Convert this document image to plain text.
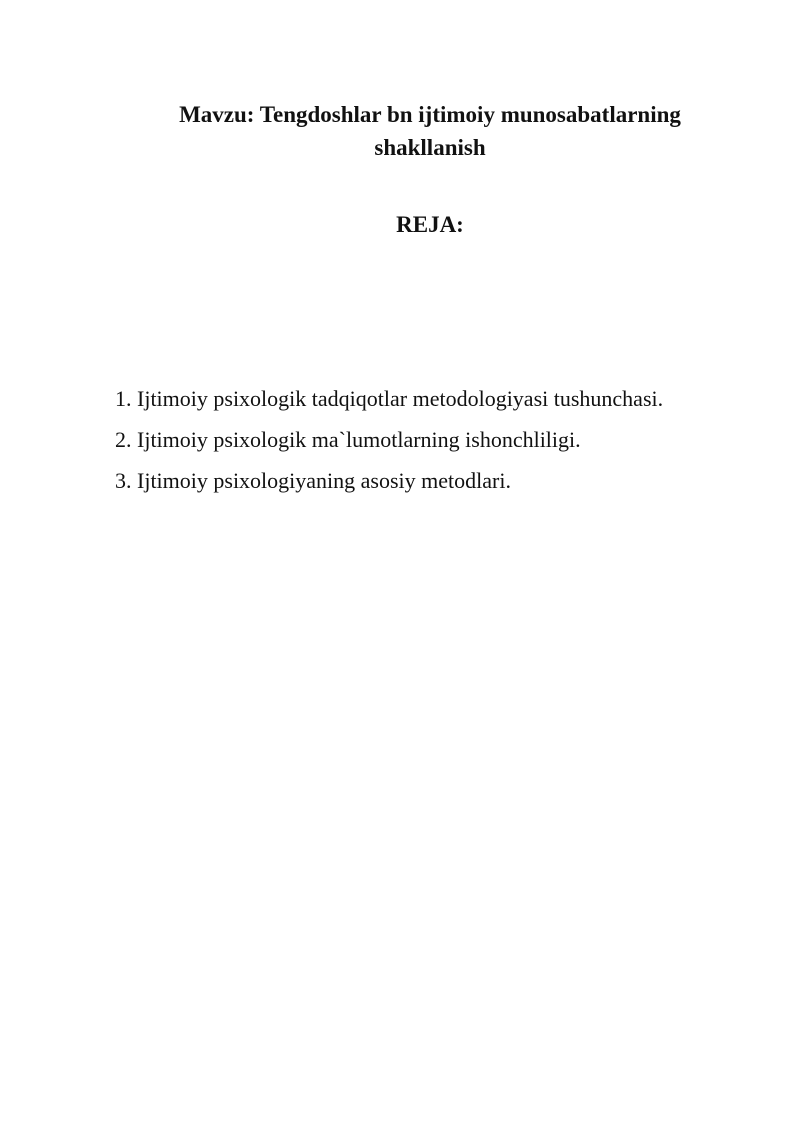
Mavzu: Tengdoshlar bn ijtimoiy munosabatlarning
shakllanish
REJA:
1. Ijtimoiy psixologik tadqiqotlar metodologiyasi tushunchasi.
2. Ijtimoiy psixologik ma`lumotlarning ishonchliligi.
3. Ijtimoiy psixologiyaning asosiy metodlari.
